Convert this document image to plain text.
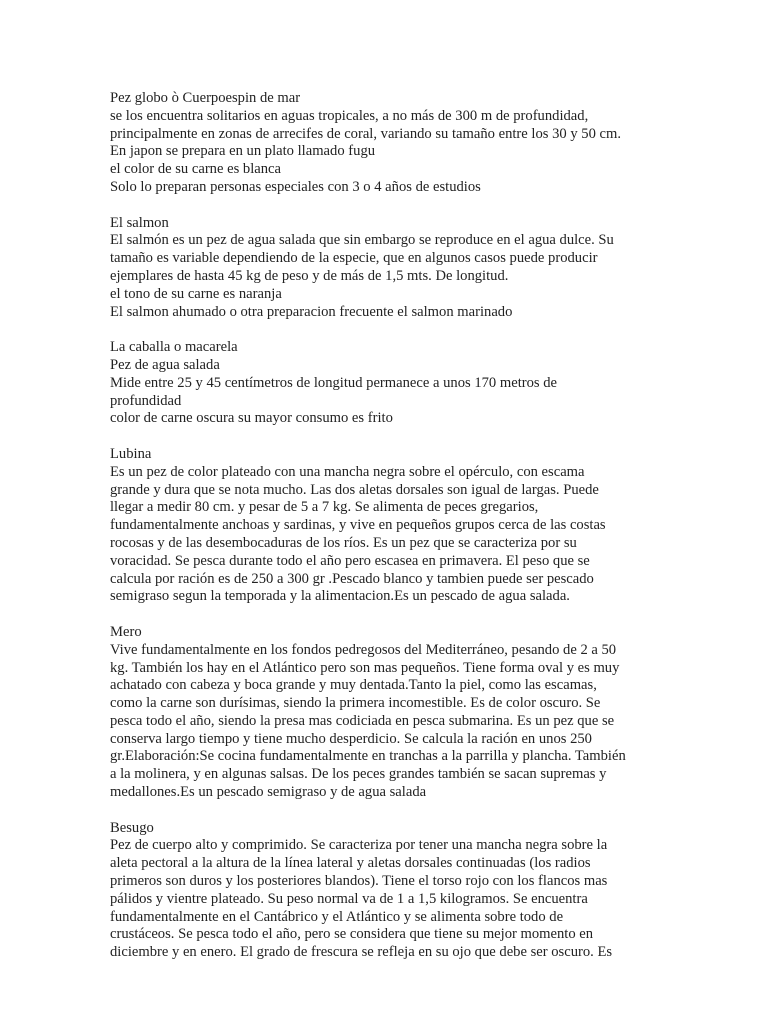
Pez globo ò Cuerpoespin de mar
se los encuentra solitarios en aguas tropicales, a no más de 300 m de profundidad,
principalmente en zonas de arrecifes de coral, variando su tamaño entre los 30 y 50 cm.
En japon se prepara en un plato llamado fugu
el color de su carne es blanca
Solo lo preparan personas especiales con 3 o 4 años de estudios
El salmon
El salmón es un pez de agua salada que sin embargo se reproduce en el agua dulce. Su
tamaño es variable dependiendo de la especie, que en algunos casos puede producir
ejemplares de hasta 45 kg de peso y de más de 1,5 mts. De longitud.
el tono de su carne es naranja
El salmon ahumado o otra preparacion frecuente el salmon marinado
La caballa o macarela
Pez de agua salada
Mide entre 25 y 45 centímetros de longitud permanece a unos 170 metros de
profundidad
color de carne oscura su mayor consumo es frito
Lubina
Es un pez de color plateado con una mancha negra sobre el opérculo, con escama
grande y dura que se nota mucho. Las dos aletas dorsales son igual de largas. Puede
llegar a medir 80 cm. y pesar de 5 a 7 kg. Se alimenta de peces gregarios,
fundamentalmente anchoas y sardinas, y vive en pequeños grupos cerca de las costas
rocosas y de las desembocaduras de los ríos. Es un pez que se caracteriza por su
voracidad. Se pesca durante todo el año pero escasea en primavera. El peso que se
calcula por ración es de 250 a 300 gr .Pescado blanco y tambien puede ser pescado
semigraso segun la temporada y la alimentacion.Es un pescado de agua salada.
Mero
Vive fundamentalmente en los fondos pedregosos del Mediterráneo, pesando de 2 a 50
kg. También los hay en el Atlántico pero son mas pequeños. Tiene forma oval y es muy
achatado con cabeza y boca grande y muy dentada.Tanto la piel, como las escamas,
como la carne son durísimas, siendo la primera incomestible. Es de color oscuro. Se
pesca todo el año, siendo la presa mas codiciada en pesca submarina. Es un pez que se
conserva largo tiempo y tiene mucho desperdicio. Se calcula la ración en unos 250
gr.Elaboración:Se cocina fundamentalmente en tranchas a la parrilla y plancha. También
a la molinera, y en algunas salsas. De los peces grandes también se sacan supremas y
medallones.Es un pescado semigraso y de agua salada
Besugo
Pez de cuerpo alto y comprimido. Se caracteriza por tener una mancha negra sobre la
aleta pectoral a la altura de la línea lateral y aletas dorsales continuadas (los radios
primeros son duros y los posteriores blandos). Tiene el torso rojo con los flancos mas
pálidos y vientre plateado. Su peso normal va de 1 a 1,5 kilogramos. Se encuentra
fundamentalmente en el Cantábrico y el Atlántico y se alimenta sobre todo de
crustáceos. Se pesca todo el año, pero se considera que tiene su mejor momento en
diciembre y en enero. El grado de frescura se refleja en su ojo que debe ser oscuro. Es
